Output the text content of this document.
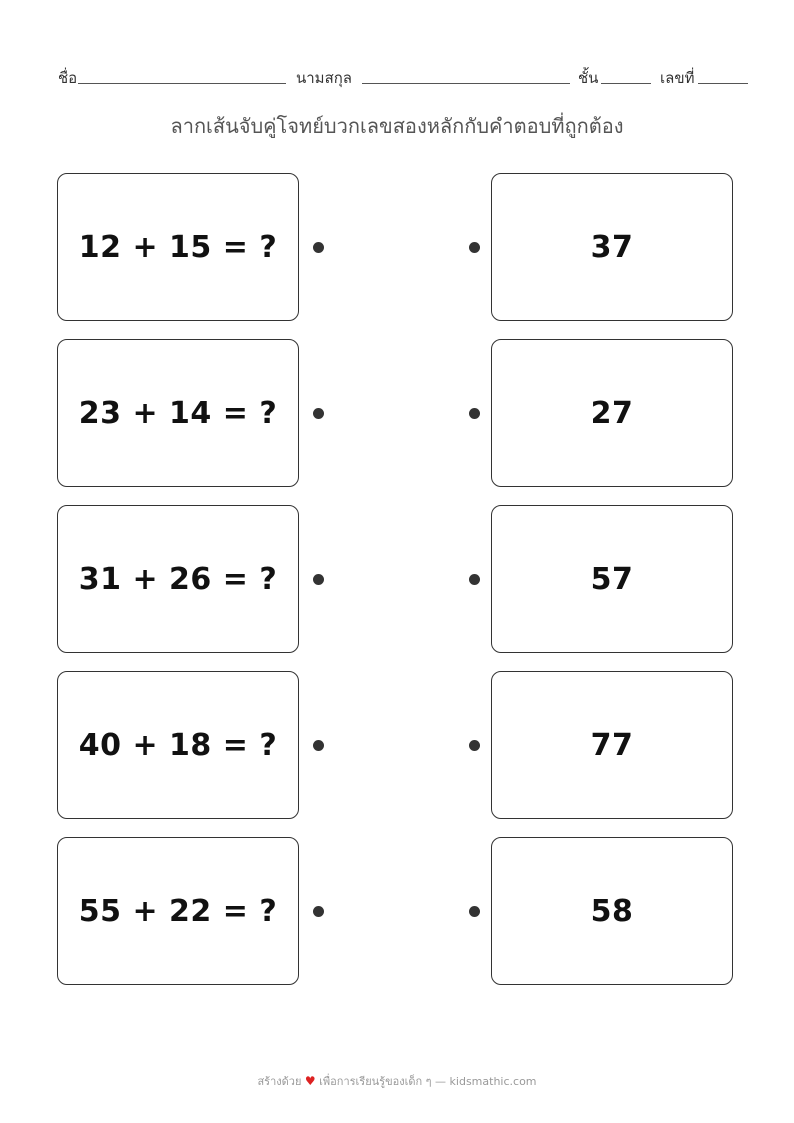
ชื่อ	นามสกุล	ชั้น	เลขที่
ลากเส้นจับคู่โจทย์บวกเลขสองหลักกับคำตอบที่ถูกต้อง
12 + 15 = ?	37
23 + 14 = ?	27
31 + 26 = ?	57
40 + 18 = ?	77
55 + 22 = ?	58
สร้างด้วย ♥ เพื่อการเรียนรู้ของเด็ก ๆ — kidsmathic.com
